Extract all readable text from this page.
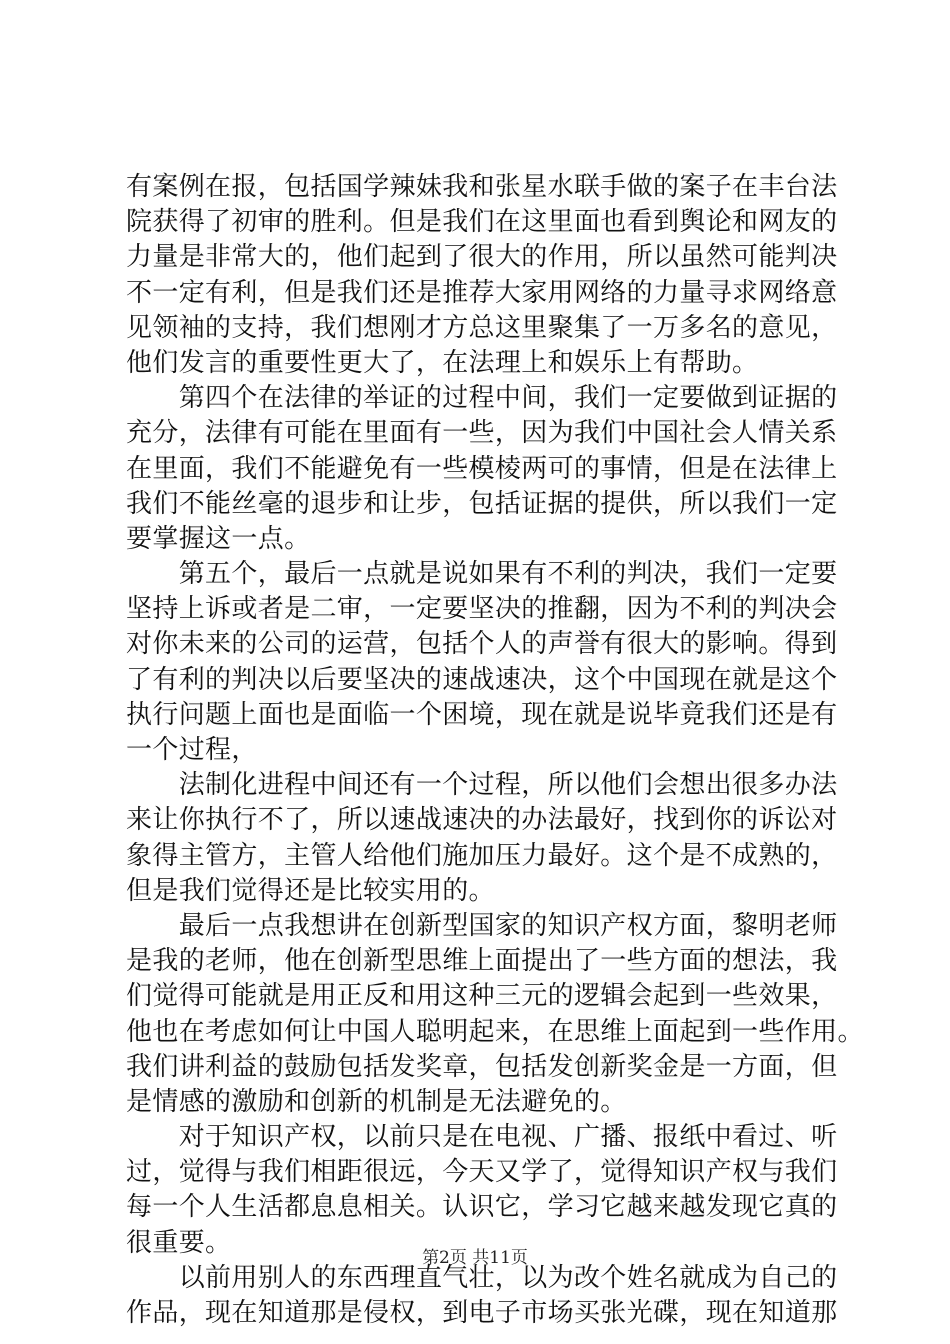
有案例在报，包括国学辣妹我和张星水联手做的案子在丰台法
院获得了初审的胜利。但是我们在这里面也看到舆论和网友的
力量是非常大的，他们起到了很大的作用，所以虽然可能判决
不一定有利，但是我们还是推荐大家用网络的力量寻求网络意
见领袖的支持，我们想刚才方总这里聚集了一万多名的意见，
他们发言的重要性更大了，在法理上和娱乐上有帮助。
　　第四个在法律的举证的过程中间，我们一定要做到证据的
充分，法律有可能在里面有一些，因为我们中国社会人情关系
在里面，我们不能避免有一些模棱两可的事情，但是在法律上
我们不能丝毫的退步和让步，包括证据的提供，所以我们一定
要掌握这一点。
　　第五个，最后一点就是说如果有不利的判决，我们一定要
坚持上诉或者是二审，一定要坚决的推翻，因为不利的判决会
对你未来的公司的运营，包括个人的声誉有很大的影响。得到
了有利的判决以后要坚决的速战速决，这个中国现在就是这个
执行问题上面也是面临一个困境，现在就是说毕竟我们还是有
一个过程，
　　法制化进程中间还有一个过程，所以他们会想出很多办法
来让你执行不了，所以速战速决的办法最好，找到你的诉讼对
象得主管方，主管人给他们施加压力最好。这个是不成熟的，
但是我们觉得还是比较实用的。
　　最后一点我想讲在创新型国家的知识产权方面，黎明老师
是我的老师，他在创新型思维上面提出了一些方面的想法，我
们觉得可能就是用正反和用这种三元的逻辑会起到一些效果，
他也在考虑如何让中国人聪明起来，在思维上面起到一些作用。
我们讲利益的鼓励包括发奖章，包括发创新奖金是一方面，但
是情感的激励和创新的机制是无法避免的。
　　对于知识产权，以前只是在电视、广播、报纸中看过、听
过，觉得与我们相距很远，今天又学了，觉得知识产权与我们
每一个人生活都息息相关。认识它，学习它越来越发现它真的
很重要。
　　以前用别人的东西理直气壮，以为改个姓名就成为自己的
作品，现在知道那是侵权，到电子市场买张光碟，现在知道那
第2页 共11页
